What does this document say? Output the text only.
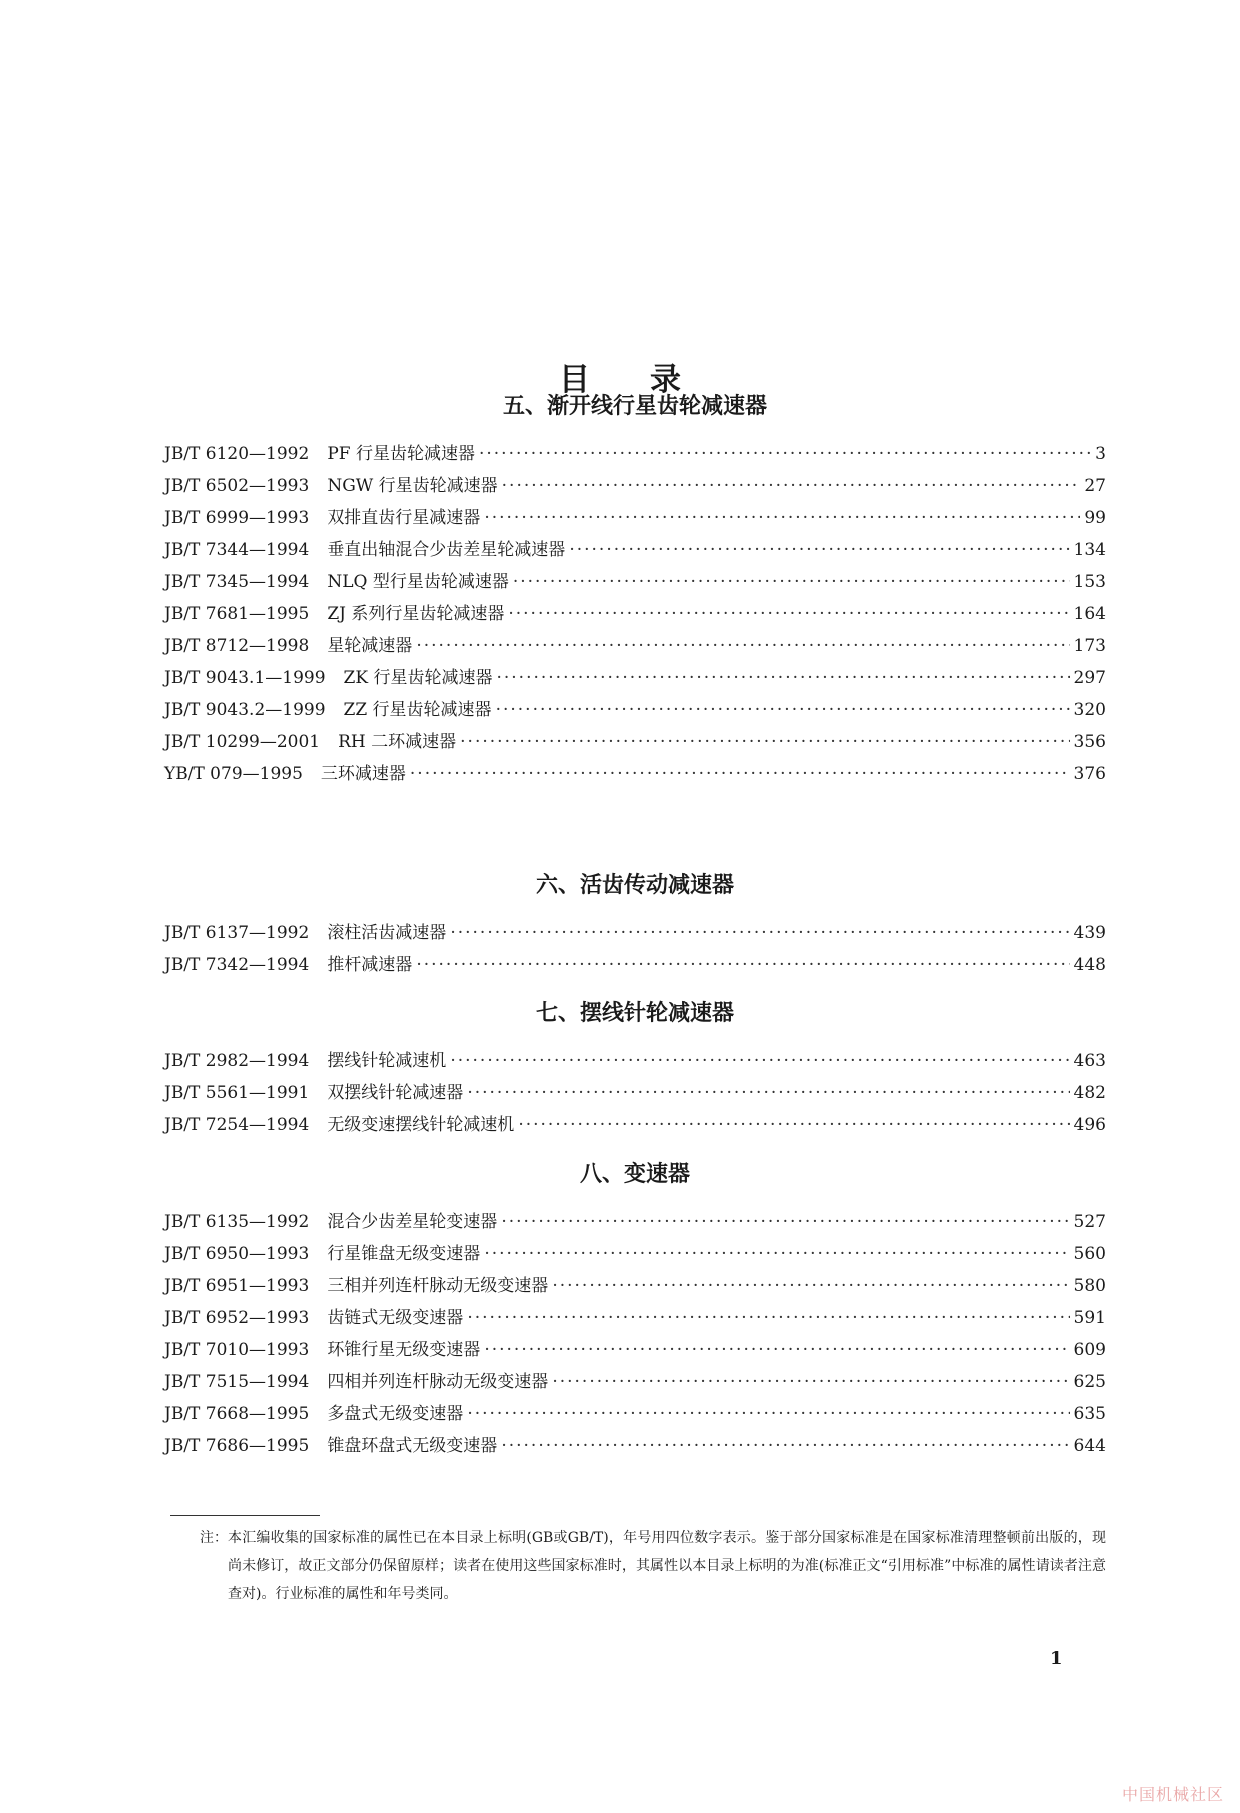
目录
五、渐开线行星齿轮减速器
JB/T 6120—1992	PF 行星齿轮减速器 ·····	3
JB/T 6502—1993	NGW 行星齿轮减速器 ·····	27
JB/T 6999—1993	双排直齿行星减速器 ·····	99
JB/T 7344—1994	垂直出轴混合少齿差星轮减速器 ·····	134
JB/T 7345—1994	NLQ 型行星齿轮减速器 ·····	153
JB/T 7681—1995	ZJ 系列行星齿轮减速器 ·····	164
JB/T 8712—1998	星轮减速器 ·····	173
JB/T 9043.1—1999	ZK 行星齿轮减速器 ·····	297
JB/T 9043.2—1999	ZZ 行星齿轮减速器 ·····	320
JB/T 10299—2001	RH 二环减速器 ·····	356
YB/T 079—1995	三环减速器 ·····	376
六、活齿传动减速器
JB/T 6137—1992	滚柱活齿减速器 ·····	439
JB/T 7342—1994	推杆减速器 ·····	448
七、摆线针轮减速器
JB/T 2982—1994	摆线针轮减速机 ·····	463
JB/T 5561—1991	双摆线针轮减速器 ·····	482
JB/T 7254—1994	无级变速摆线针轮减速机 ·····	496
八、变速器
JB/T 6135—1992	混合少齿差星轮变速器 ·····	527
JB/T 6950—1993	行星锥盘无级变速器 ·····	560
JB/T 6951—1993	三相并列连杆脉动无级变速器 ·····	580
JB/T 6952—1993	齿链式无级变速器 ·····	591
JB/T 7010—1993	环锥行星无级变速器 ·····	609
JB/T 7515—1994	四相并列连杆脉动无级变速器 ·····	625
JB/T 7668—1995	多盘式无级变速器 ·····	635
JB/T 7686—1995	锥盘环盘式无级变速器 ·····	644
注： 本汇编收集的国家标准的属性已在本目录上标明(GB或GB/T)，年号用四位数字表示。鉴于部分国家标准是在国家标准清理整顿前出版的，现尚未修订，故正文部分仍保留原样；读者在使用这些国家标准时，其属性以本目录上标明的为准(标准正文“引用标准”中标准的属性请读者注意查对)。行业标准的属性和年号类同。
1
中国机械社区
